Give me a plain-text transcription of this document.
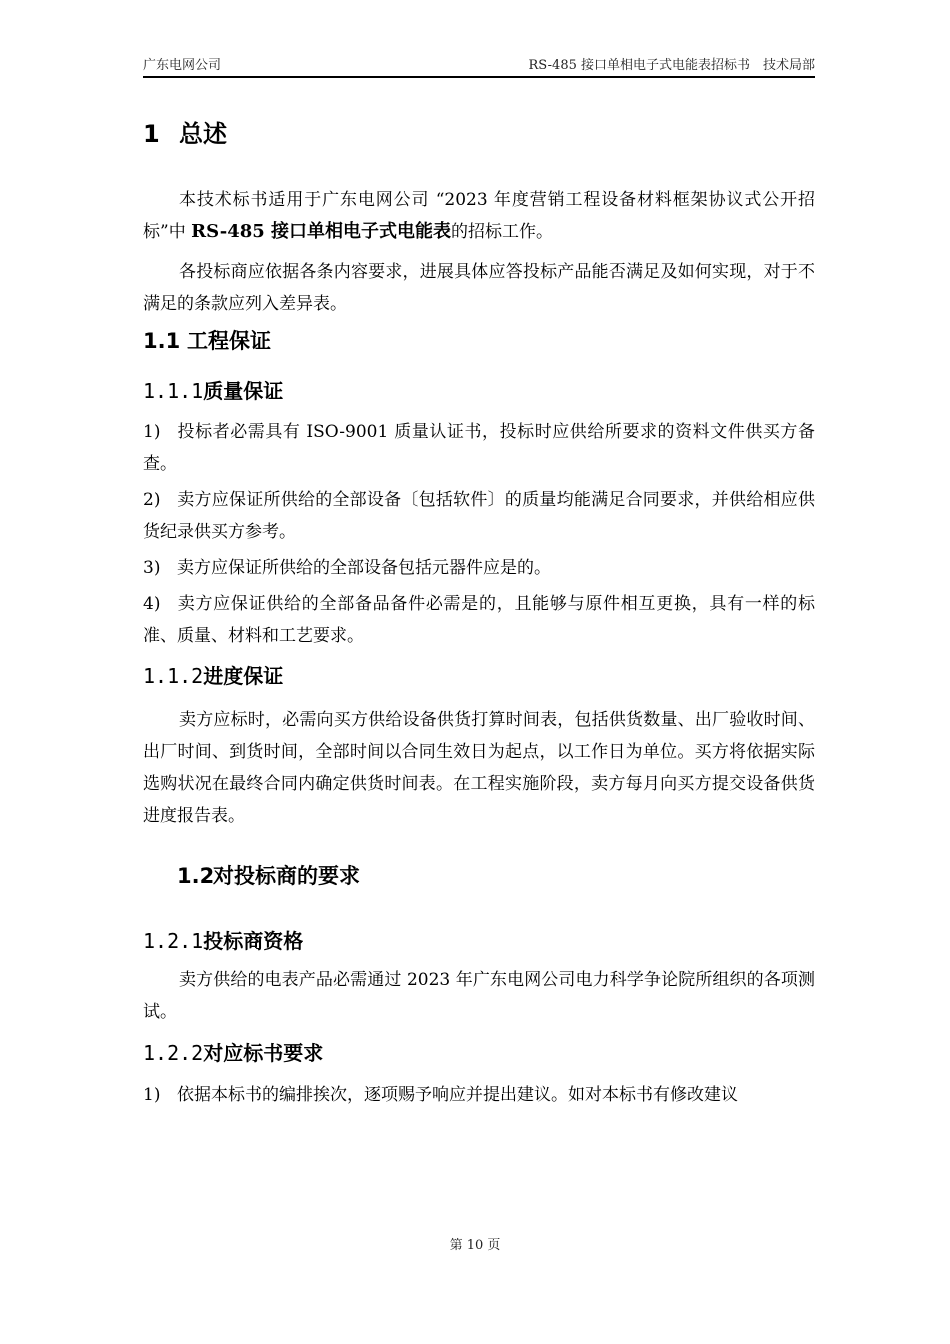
广东电网公司	RS-485 接口单相电子式电能表招标书　技术局部
1 总述
本技术标书适用于广东电网公司 “2023 年度营销工程设备材料框架协议式公开招标”中 RS-485 接口单相电子式电能表的招标工作。
各投标商应依据各条内容要求，进展具体应答投标产品能否满足及如何实现，对于不满足的条款应列入差异表。
1.1 工程保证
1.1.1质量保证
1) 投标者必需具有 ISO-9001 质量认证书，投标时应供给所要求的资料文件供买方备查。
2) 卖方应保证所供给的全部设备〔包括软件〕的质量均能满足合同要求，并供给相应供货纪录供买方参考。
3) 卖方应保证所供给的全部设备包括元器件应是的。
4) 卖方应保证供给的全部备品备件必需是的，且能够与原件相互更换，具有一样的标准、质量、材料和工艺要求。
1.1.2进度保证
卖方应标时，必需向买方供给设备供货打算时间表，包括供货数量、出厂验收时间、出厂时间、到货时间，全部时间以合同生效日为起点，以工作日为单位。买方将依据实际选购状况在最终合同内确定供货时间表。在工程实施阶段，卖方每月向买方提交设备供货进度报告表。
1.2对投标商的要求
1.2.1投标商资格
卖方供给的电表产品必需通过 2023 年广东电网公司电力科学争论院所组织的各项测试。
1.2.2对应标书要求
1) 依据本标书的编排挨次，逐项赐予响应并提出建议。如对本标书有修改建议
第 10 页
